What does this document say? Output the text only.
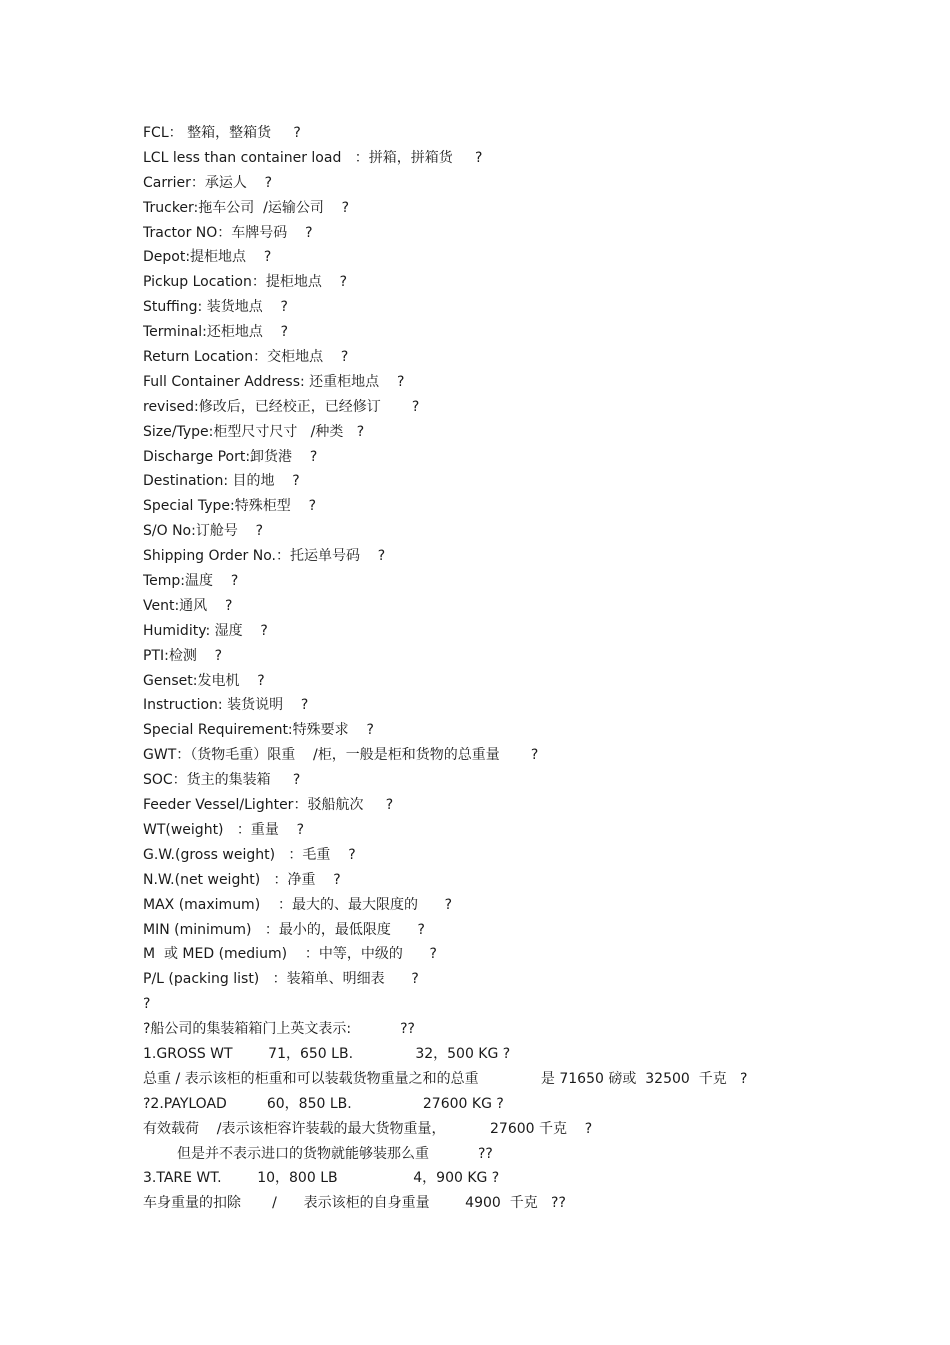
FCL： 整箱，整箱货     ?
LCL less than container load   ：拼箱，拼箱货     ?
Carrier：承运人    ?
Trucker:拖车公司  /运输公司    ?
Tractor NO：车牌号码    ?
Depot:提柜地点    ?
Pickup Location：提柜地点    ?
Stuffing: 装货地点    ?
Terminal:还柜地点    ?
Return Location：交柜地点    ?
Full Container Address: 还重柜地点    ?
revised:修改后，已经校正，已经修订       ?
Size/Type:柜型尺寸尺寸   /种类   ?
Discharge Port:卸货港    ?
Destination: 目的地    ?
Special Type:特殊柜型    ?
S/O No:订舱号    ?
Shipping Order No.：托运单号码    ?
Temp:温度    ?
Vent:通风    ?
Humidity: 湿度    ?
PTI:检测    ?
Genset:发电机    ?
Instruction: 装货说明    ?
Special Requirement:特殊要求    ?
GWT：（货物毛重）限重    /柜，一般是柜和货物的总重量       ?
SOC：货主的集装箱     ?
Feeder Vessel/Lighter：驳船航次     ?
WT(weight)   ：重量    ?
G.W.(gross weight)   ：毛重    ?
N.W.(net weight)   ：净重    ?
MAX (maximum)    ：最大的、最大限度的      ?
MIN (minimum)   ：最小的，最低限度      ?
M  或 MED (medium)    ：中等，中级的      ?
P/L (packing list)   ：装箱单、明细表      ?
?
?船公司的集装箱箱门上英文表示:           ??
1.GROSS WT        71，650 LB.              32，500 KG ?
总重 / 表示该柜的柜重和可以装载货物重量之和的总重              是 71650 磅或  32500  千克   ?
?2.PAYLOAD         60，850 LB.                27600 KG ?
有效载荷    /表示该柜容许装载的最大货物重量，          27600 千克    ?
但是并不表示进口的货物就能够装那么重           ??
3.TARE WT.        10，800 LB                 4，900 KG ?
车身重量的扣除       /      表示该柜的自身重量        4900  千克   ??
